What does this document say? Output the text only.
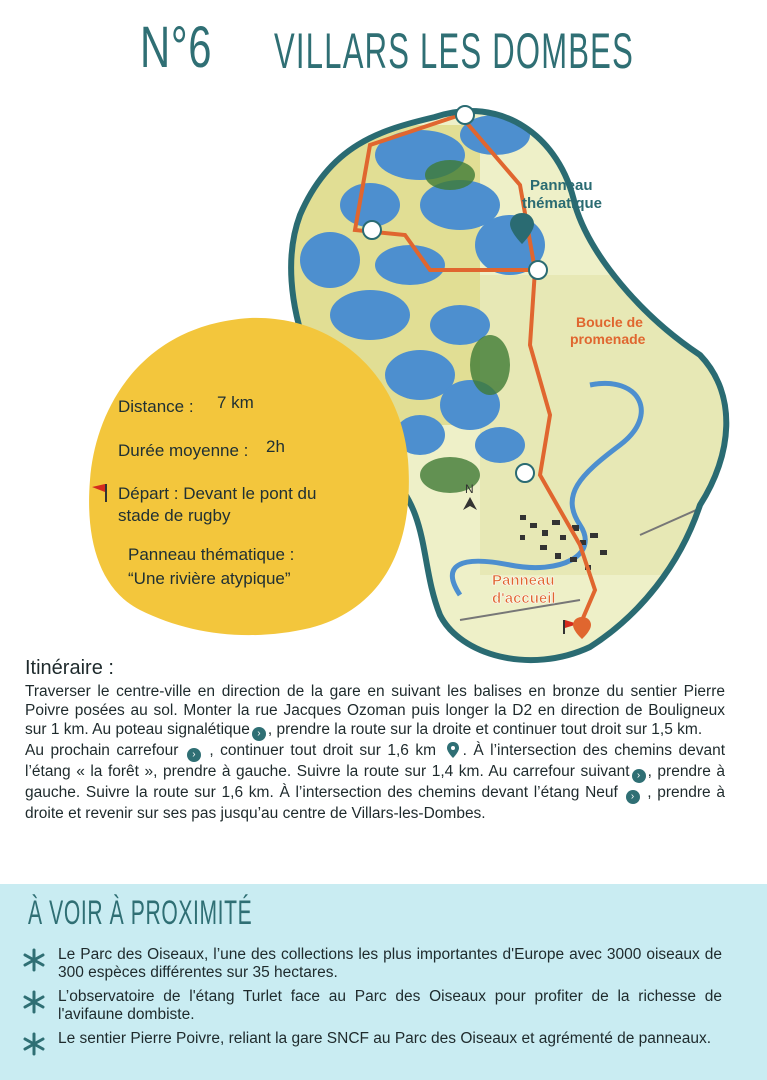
N°6 VILLARS LES DOMBES
Panneau
thématique
Boucle de
promenade
Panneau
d'accueil
N
Distance : 7 km
Durée moyenne : 2h
Départ : Devant le pont du
stade de rugby
Panneau thématique :
“Une rivière atypique”
Itinéraire :
Traverser le centre-ville en direction de la gare en suivant les balises en bronze du sentier Pierre Poivre posées au sol. Monter la rue Jacques Ozoman puis longer la D2 en direction de Bouligneux sur 1 km. Au poteau signalétique › , prendre la route sur la droite et continuer tout droit sur 1,5 km.
Au prochain carrefour › , continuer tout droit sur 1,6 km . À l’intersection des chemins devant l’étang « la forêt », prendre à gauche. Suivre la route sur 1,4 km. Au carrefour suivant › , prendre à gauche. Suivre la route sur 1,6 km. À l’intersection des chemins devant l’étang Neuf › , prendre à droite et revenir sur ses pas jusqu’au centre de Villars-les-Dombes.
À VOIR À PROXIMITÉ
Le Parc des Oiseaux, l’une des collections les plus importantes d'Europe avec 3000 oiseaux de 300 espèces différentes sur 35 hectares.
L’observatoire de l'étang Turlet face au Parc des Oiseaux pour profiter de la richesse de l'avifaune dombiste.
Le sentier Pierre Poivre, reliant la gare SNCF au Parc des Oiseaux et agrémenté de panneaux.
